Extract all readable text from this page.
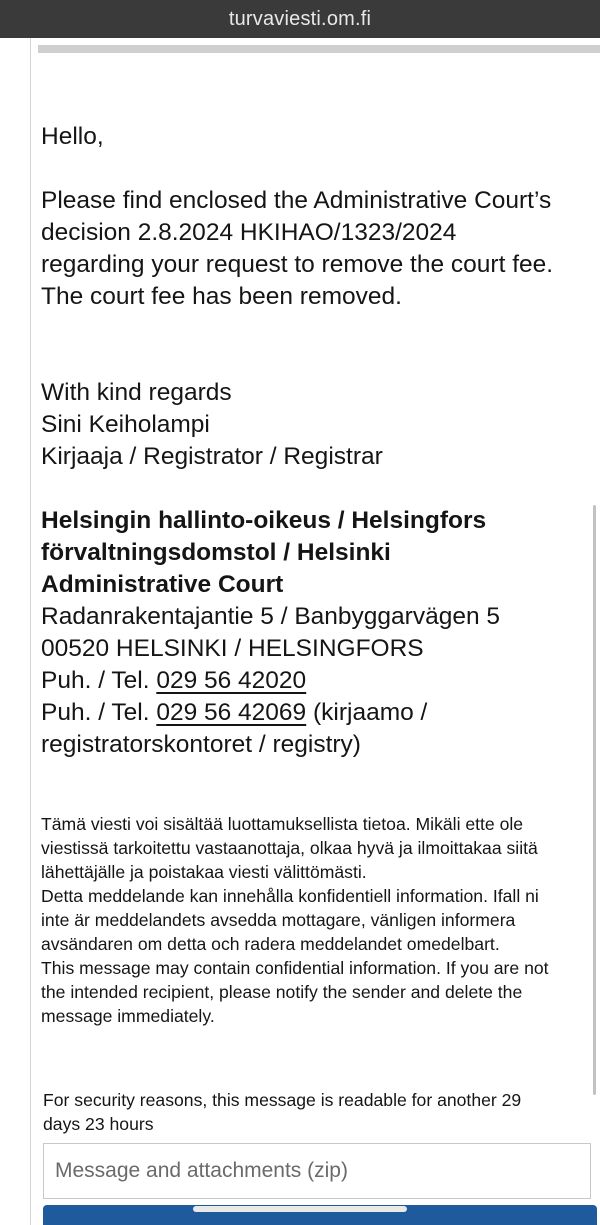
turvaviesti.om.fi

Hello,

Please find enclosed the Administrative Court’s

decision 2.8.2024 HKIHAO/1323/2024

regarding your request to remove the court fee.

The court fee has been removed.

With kind regards

Sini Keiholampi

Kirjaaja / Registrator / Registrar

Helsingin hallinto-oikeus / Helsingfors

förvaltningsdomstol / Helsinki

Administrative Court

Radanrakentajantie 5 / Banbyggarvägen 5

00520 HELSINKI / HELSINGFORS

Puh. / Tel. 029 56 42020

Puh. / Tel. 029 56 42069 (kirjaamo /

registratorskontoret / registry)

Tämä viesti voi sisältää luottamuksellista tietoa. Mikäli ette ole

viestissä tarkoitettu vastaanottaja, olkaa hyvä ja ilmoittakaa siitä

lähettäjälle ja poistakaa viesti välittömästi.

Detta meddelande kan innehålla konfidentiell information. Ifall ni

inte är meddelandets avsedda mottagare, vänligen informera

avsändaren om detta och radera meddelandet omedelbart.

This message may contain confidential information. If you are not

the intended recipient, please notify the sender and delete the

message immediately.

For security reasons, this message is readable for another 29
days 23 hours
Message and attachments (zip)
